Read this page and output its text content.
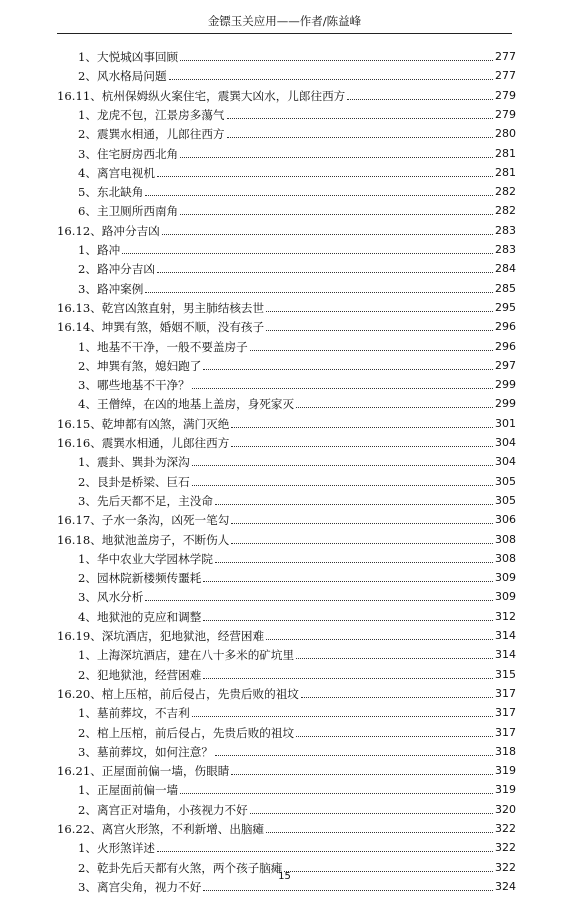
金镖玉关应用——作者/陈益峰
1、大悦城凶事回顾	277
2、风水格局问题	277
16.11、杭州保姆纵火案住宅，震巽大凶水，儿郎往西方	279
1、龙虎不包，江景房多蕩气	279
2、震巽水相通，儿郎往西方	280
3、住宅厨房西北角	281
4、离宫电视机	281
5、东北缺角	282
6、主卫厕所西南角	282
16.12、路冲分吉凶	283
1、路冲	283
2、路冲分吉凶	284
3、路冲案例	285
16.13、乾宫凶煞直射，男主肺结核去世	295
16.14、坤巽有煞，婚姻不顺，没有孩子	296
1、地基不干净，一般不要盖房子	296
2、坤巽有煞，媳妇跑了	297
3、哪些地基不干净？	299
4、王僧绰，在凶的地基上盖房，身死家灭	299
16.15、乾坤都有凶煞，满门灭绝	301
16.16、震巽水相通，儿郎往西方	304
1、震卦、巽卦为深沟	304
2、艮卦是桥梁、巨石	305
3、先后天都不足，主没命	305
16.17、子水一条沟，凶死一笔勾	306
16.18、地狱池盖房子，不断伤人	308
1、华中农业大学园林学院	308
2、园林院新楼频传噩耗	309
3、风水分析	309
4、地狱池的克应和调整	312
16.19、深坑酒店，犯地狱池，经营困难	314
1、上海深坑酒店，建在八十多米的矿坑里	314
2、犯地狱池，经营困难	315
16.20、棺上压棺，前后侵占，先贵后败的祖坟	317
1、墓前葬坟，不吉利	317
2、棺上压棺，前后侵占，先贵后败的祖坟	317
3、墓前葬坟，如何注意？	318
16.21、正屋面前偏一墙，伤眼睛	319
1、正屋面前偏一墙	319
2、离宫正对墙角，小孩视力不好	320
16.22、离宫火形煞，不利新增、出脑瘫	322
1、火形煞详述	322
2、乾卦先后天都有火煞，两个孩子脑瘫	322
3、离宫尖角，视力不好	324
15
